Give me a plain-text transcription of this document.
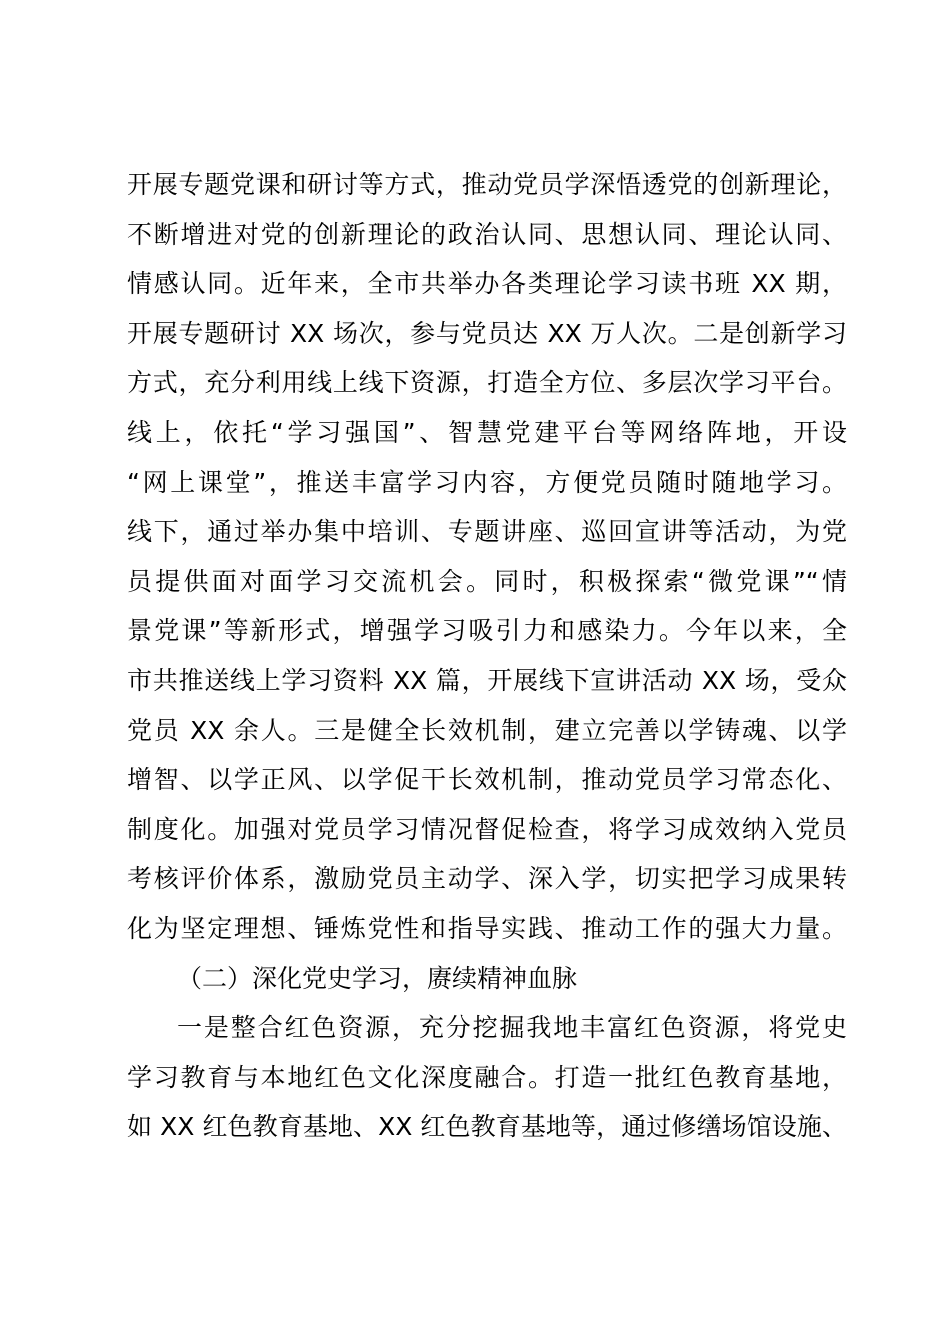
开展专题党课和研讨等方式，推动党员学深悟透党的创新理论，
不断增进对党的创新理论的政治认同、思想认同、理论认同、
情感认同。近年来，全市共举办各类理论学习读书班 XX 期，
开展专题研讨 XX 场次，参与党员达 XX 万人次。二是创新学习
方式，充分利用线上线下资源，打造全方位、多层次学习平台。
线上，依托“学习强国”、智慧党建平台等网络阵地，开设
“网上课堂”，推送丰富学习内容，方便党员随时随地学习。
线下，通过举办集中培训、专题讲座、巡回宣讲等活动，为党
员提供面对面学习交流机会。同时，积极探索“微党课”“情
景党课”等新形式，增强学习吸引力和感染力。今年以来，全
市共推送线上学习资料 XX 篇，开展线下宣讲活动 XX 场，受众
党员 XX 余人。三是健全长效机制，建立完善以学铸魂、以学
增智、以学正风、以学促干长效机制，推动党员学习常态化、
制度化。加强对党员学习情况督促检查，将学习成效纳入党员
考核评价体系，激励党员主动学、深入学，切实把学习成果转
化为坚定理想、锤炼党性和指导实践、推动工作的强大力量。
（二）深化党史学习，赓续精神血脉
一是整合红色资源，充分挖掘我地丰富红色资源，将党史
学习教育与本地红色文化深度融合。打造一批红色教育基地，
如 XX 红色教育基地、XX 红色教育基地等，通过修缮场馆设施、
